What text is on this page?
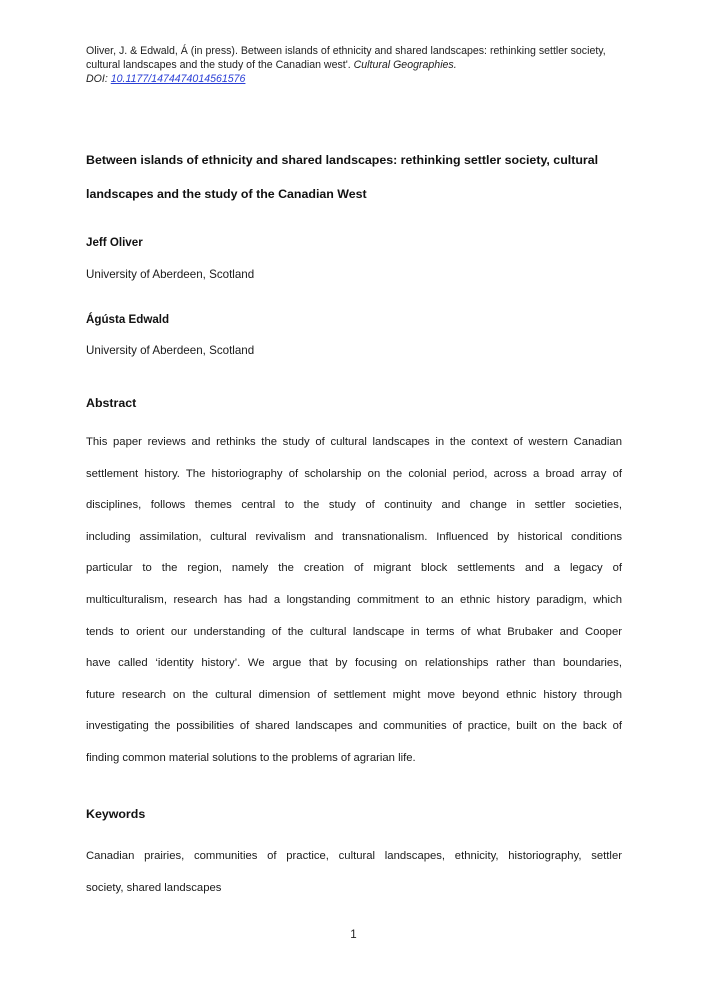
Oliver, J. & Edwald, Á (in press). Between islands of ethnicity and shared landscapes: rethinking settler society,
cultural landscapes and the study of the Canadian west'. Cultural Geographies.
DOI: 10.1177/1474474014561576
Between islands of ethnicity and shared landscapes: rethinking settler society, cultural
landscapes and the study of the Canadian West
Jeff Oliver
University of Aberdeen, Scotland
Ágústa Edwald
University of Aberdeen, Scotland
Abstract
This paper reviews and rethinks the study of cultural landscapes in the context of western Canadian
settlement history. The historiography of scholarship on the colonial period, across a broad array of
disciplines, follows themes central to the study of continuity and change in settler societies,
including assimilation, cultural revivalism and transnationalism. Influenced by historical conditions
particular to the region, namely the creation of migrant block settlements and a legacy of
multiculturalism, research has had a longstanding commitment to an ethnic history paradigm, which
tends to orient our understanding of the cultural landscape in terms of what Brubaker and Cooper
have called ‘identity history’. We argue that by focusing on relationships rather than boundaries,
future research on the cultural dimension of settlement might move beyond ethnic history through
investigating the possibilities of shared landscapes and communities of practice, built on the back of
finding common material solutions to the problems of agrarian life.
Keywords
Canadian prairies, communities of practice, cultural landscapes, ethnicity, historiography, settler
society, shared landscapes
1
